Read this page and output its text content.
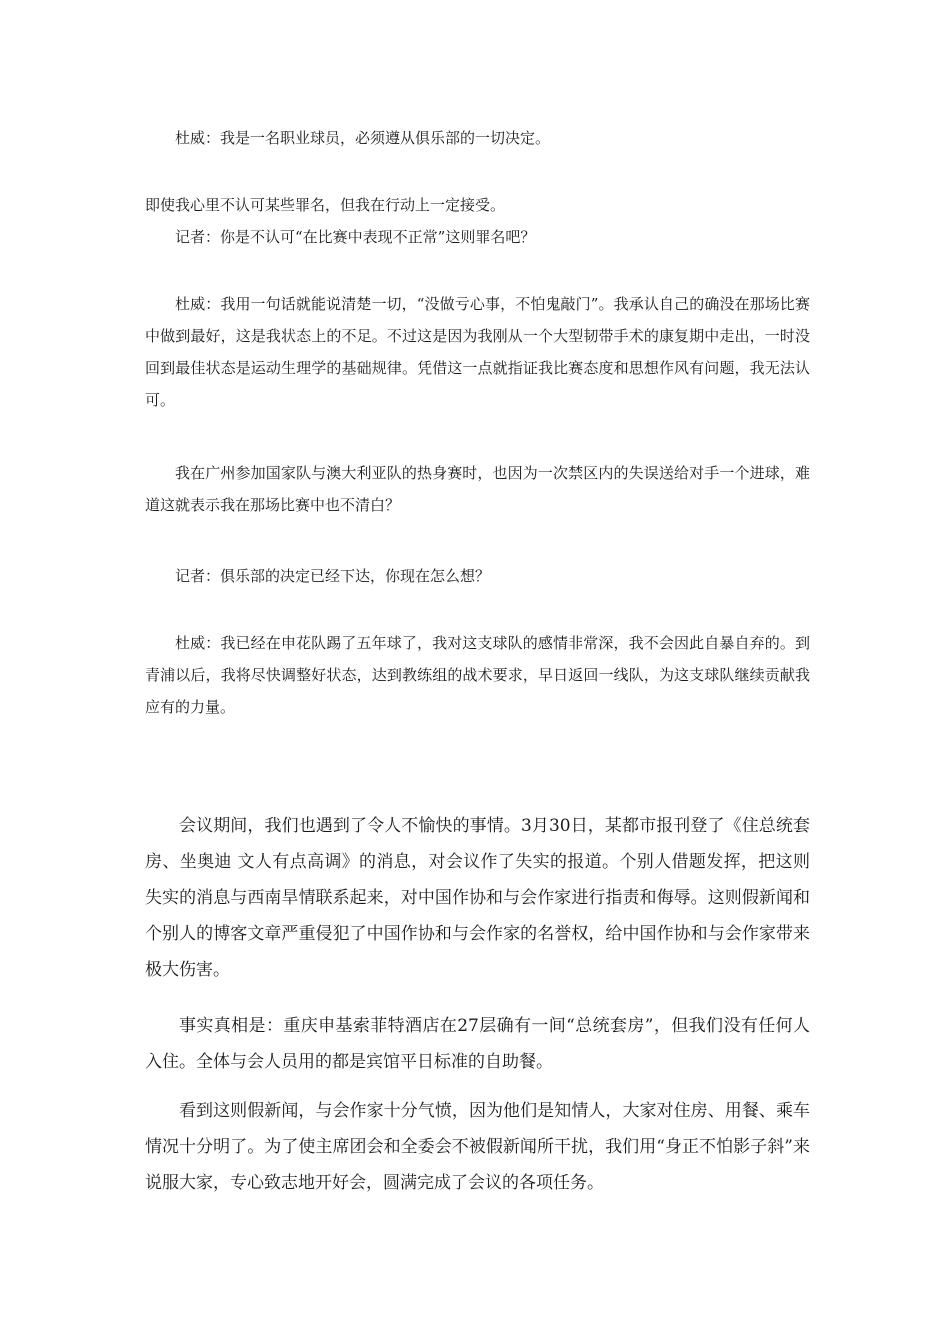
杜威：我是一名职业球员，必须遵从俱乐部的一切决定。

即使我心里不认可某些罪名，但我在行动上一定接受。

记者：你是不认可“在比赛中表现不正常”这则罪名吧？

杜威：我用一句话就能说清楚一切，“没做亏心事，不怕鬼敲门”。我承认自己的确没在那场比赛中做到最好，这是我状态上的不足。不过这是因为我刚从一个大型韧带手术的康复期中走出，一时没回到最佳状态是运动生理学的基础规律。凭借这一点就指证我比赛态度和思想作风有问题，我无法认可。

我在广州参加国家队与澳大利亚队的热身赛时，也因为一次禁区内的失误送给对手一个进球，难道这就表示我在那场比赛中也不清白？

记者：俱乐部的决定已经下达，你现在怎么想？

杜威：我已经在申花队踢了五年球了，我对这支球队的感情非常深，我不会因此自暴自弃的。到青浦以后，我将尽快调整好状态，达到教练组的战术要求，早日返回一线队，为这支球队继续贡献我应有的力量。

会议期间，我们也遇到了令人不愉快的事情。3月30日，某都市报刊登了《住总统套房、坐奥迪 文人有点高调》的消息，对会议作了失实的报道。个别人借题发挥，把这则失实的消息与西南旱情联系起来，对中国作协和与会作家进行指责和侮辱。这则假新闻和个别人的博客文章严重侵犯了中国作协和与会作家的名誉权，给中国作协和与会作家带来极大伤害。

事实真相是：重庆申基索菲特酒店在27层确有一间“总统套房”，但我们没有任何人入住。全体与会人员用的都是宾馆平日标准的自助餐。

看到这则假新闻，与会作家十分气愤，因为他们是知情人，大家对住房、用餐、乘车情况十分明了。为了使主席团会和全委会不被假新闻所干扰，我们用“身正不怕影子斜”来说服大家，专心致志地开好会，圆满完成了会议的各项任务。
